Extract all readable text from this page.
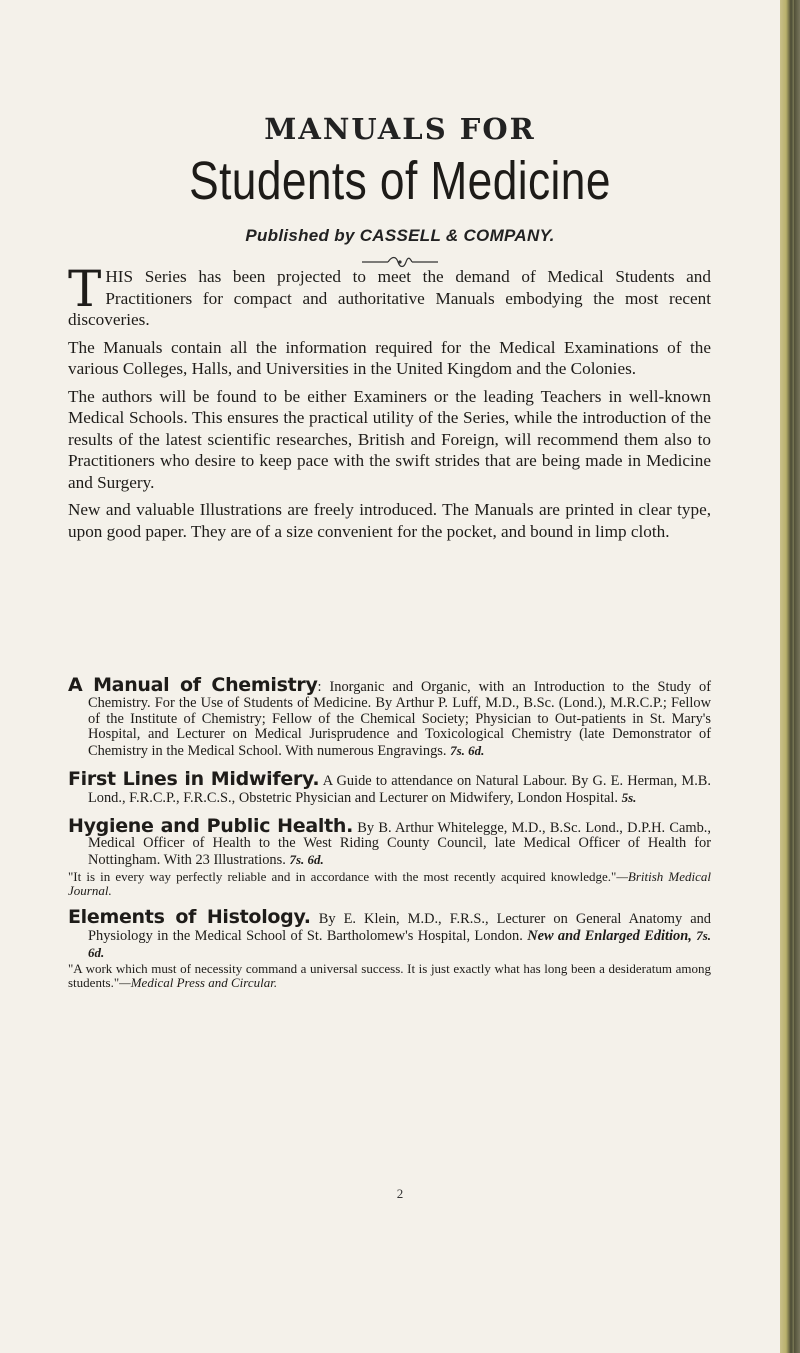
MANUALS FOR
Students of Medicine
Published by CASSELL & COMPANY.

THIS Series has been projected to meet the demand of Medical Students and Practitioners for compact and authoritative Manuals embodying the most recent discoveries.

The Manuals contain all the information required for the Medical Examinations of the various Colleges, Halls, and Universities in the United Kingdom and the Colonies.

The authors will be found to be either Examiners or the leading Teachers in well-known Medical Schools. This ensures the practical utility of the Series, while the introduction of the results of the latest scientific researches, British and Foreign, will recommend them also to Practitioners who desire to keep pace with the swift strides that are being made in Medicine and Surgery.

New and valuable Illustrations are freely introduced. The Manuals are printed in clear type, upon good paper. They are of a size convenient for the pocket, and bound in limp cloth.

A Manual of Chemistry: Inorganic and Organic, with an Introduction to the Study of Chemistry. For the Use of Students of Medicine. By Arthur P. Luff, M.D., B.Sc. (Lond.), M.R.C.P.; Fellow of the Institute of Chemistry; Fellow of the Chemical Society; Physician to Out-patients in St. Mary's Hospital, and Lecturer on Medical Jurisprudence and Toxicological Chemistry (late Demonstrator of Chemistry in the Medical School. With numerous Engravings. 7s. 6d.
First Lines in Midwifery. A Guide to attendance on Natural Labour. By G. E. Herman, M.B. Lond., F.R.C.P., F.R.C.S., Obstetric Physician and Lecturer on Midwifery, London Hospital. 5s.
Hygiene and Public Health. By B. Arthur Whitelegge, M.D., B.Sc. Lond., D.P.H. Camb., Medical Officer of Health to the West Riding County Council, late Medical Officer of Health for Nottingham. With 23 Illustrations. 7s. 6d.
"It is in every way perfectly reliable and in accordance with the most recently acquired knowledge."—British Medical Journal.
Elements of Histology. By E. Klein, M.D., F.R.S., Lecturer on General Anatomy and Physiology in the Medical School of St. Bartholomew's Hospital, London. New and Enlarged Edition, 7s. 6d.
"A work which must of necessity command a universal success. It is just exactly what has long been a desideratum among students."—Medical Press and Circular.
2
